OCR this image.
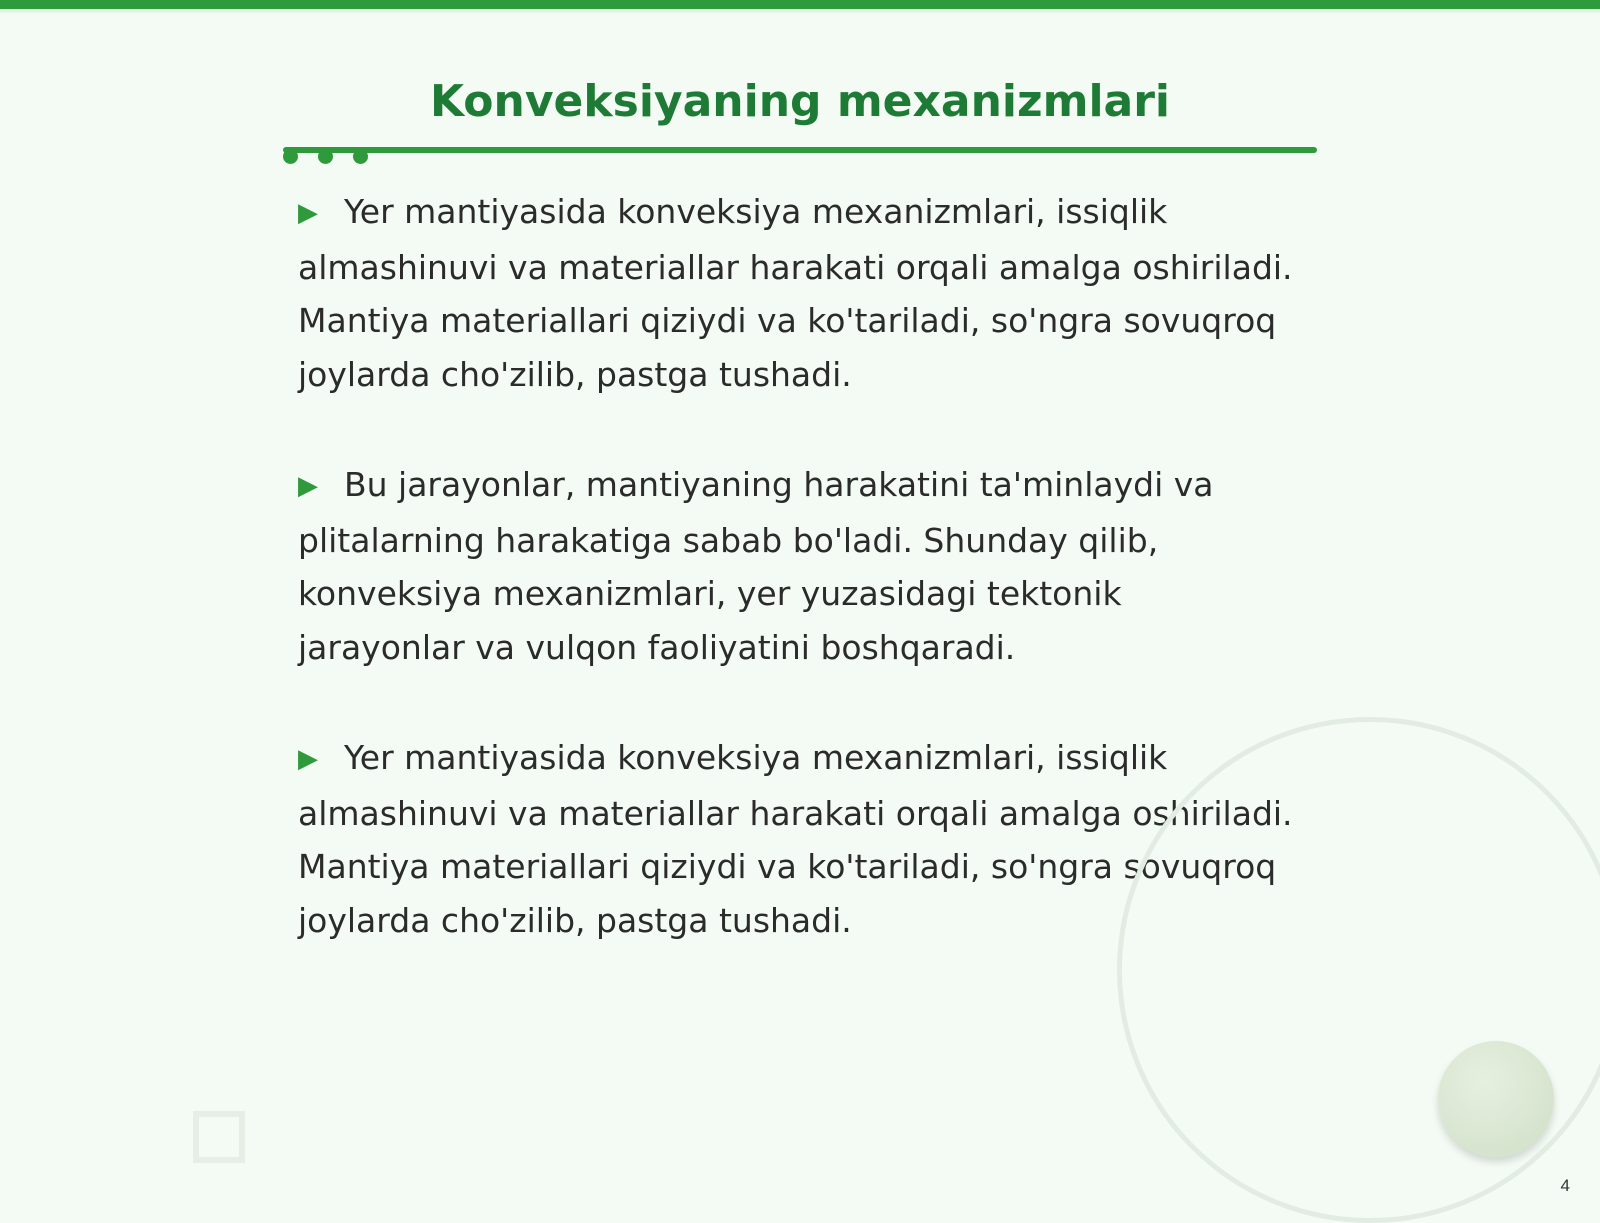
Konveksiyaning mexanizmlari

▶ Yer mantiyasida konveksiya mexanizmlari, issiqlik almashinuvi va materiallar harakati orqali amalga oshiriladi. Mantiya materiallari qiziydi va ko'tariladi, so'ngra sovuqroq joylarda cho'zilib, pastga tushadi.

▶ Bu jarayonlar, mantiyaning harakatini ta'minlaydi va plitalarning harakatiga sabab bo'ladi. Shunday qilib, konveksiya mexanizmlari, yer yuzasidagi tektonik jarayonlar va vulqon faoliyatini boshqaradi.

▶ Yer mantiyasida konveksiya mexanizmlari, issiqlik almashinuvi va materiallar harakati orqali amalga oshiriladi. Mantiya materiallari qiziydi va ko'tariladi, so'ngra sovuqroq joylarda cho'zilib, pastga tushadi.

4
